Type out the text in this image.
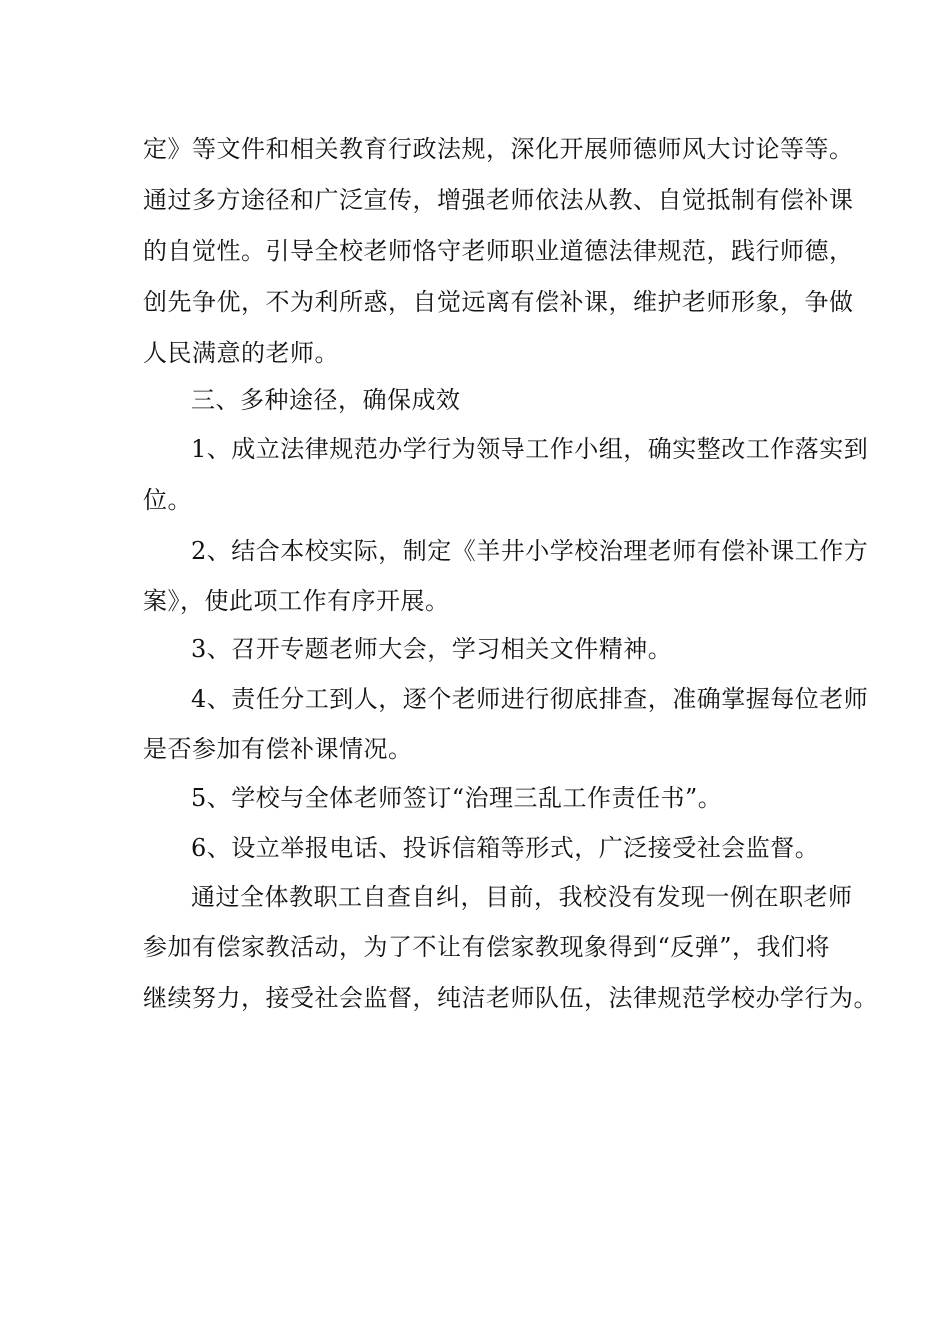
定》等文件和相关教育行政法规，深化开展师德师风大讨论等等。
通过多方途径和广泛宣传，增强老师依法从教、自觉抵制有偿补课
的自觉性。引导全校老师恪守老师职业道德法律规范，践行师德，
创先争优，不为利所惑，自觉远离有偿补课，维护老师形象，争做
人民满意的老师。
三、多种途径，确保成效
1、成立法律规范办学行为领导工作小组，确实整改工作落实到
位。
2、结合本校实际，制定《羊井小学校治理老师有偿补课工作方
案》，使此项工作有序开展。
3、召开专题老师大会，学习相关文件精神。
4、责任分工到人，逐个老师进行彻底排查，准确掌握每位老师
是否参加有偿补课情况。
5、学校与全体老师签订“治理三乱工作责任书”。
6、设立举报电话、投诉信箱等形式，广泛接受社会监督。
通过全体教职工自查自纠，目前，我校没有发现一例在职老师
参加有偿家教活动，为了不让有偿家教现象得到“反弹”，我们将
继续努力，接受社会监督，纯洁老师队伍，法律规范学校办学行为。
